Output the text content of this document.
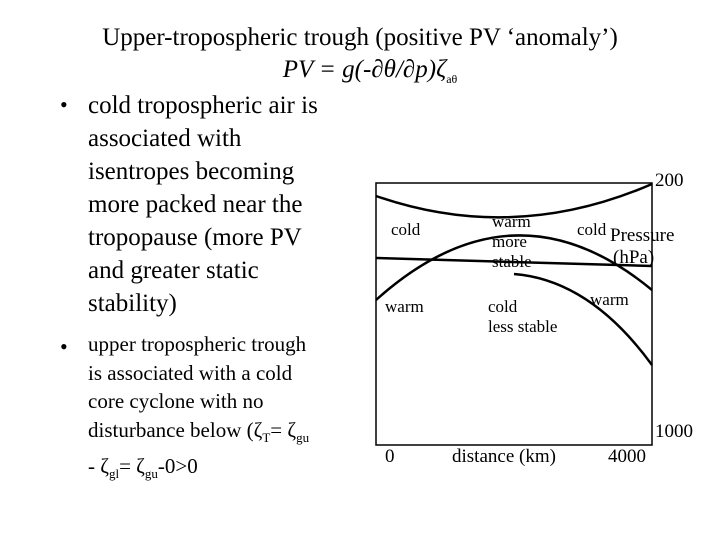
Upper-tropospheric trough (positive PV ‘anomaly’)
PV = $g(-\partial\theta/\partial p)\zeta_{a\theta}$
• cold tropospheric air is
associated with
isentropes becoming
more packed near the
tropopause (more PV
and greater static
stability)
• upper tropospheric trough
is associated with a cold
core cyclone with no
disturbance below ($\zeta_T= \zeta_{gu}$
- $\zeta_{gl}= \zeta_{gu}-0>0$
200
cold	warm
more
stable
cold Pressure
(hPa)
warm	cold
less stable
warm
1000
0	distance (km)	4000
